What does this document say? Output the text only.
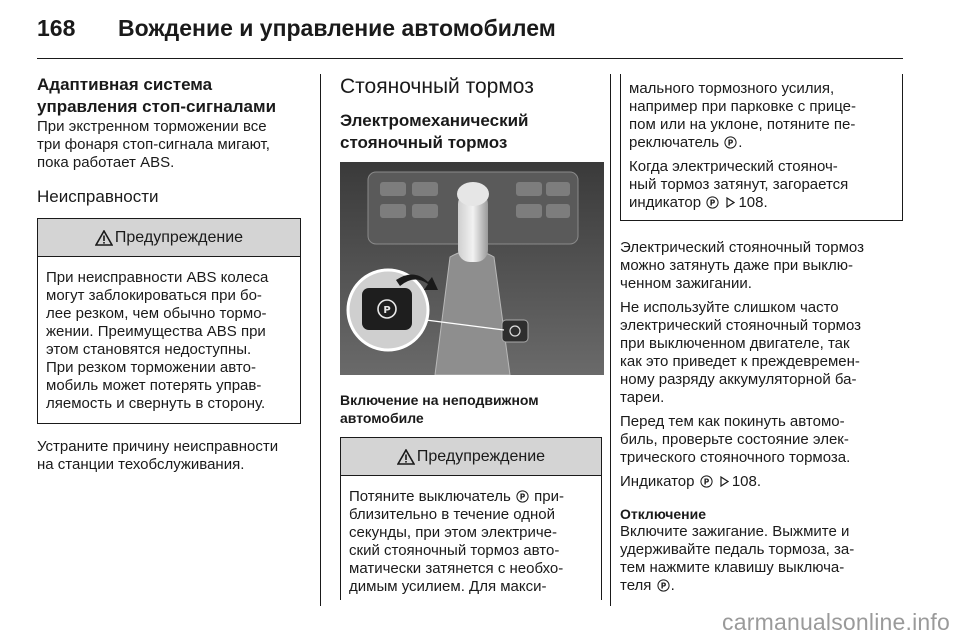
168 Вождение и управление автомобилем
Адаптивная система
управления стоп-сигналами
При экстренном торможении все
три фонаря стоп-сигнала мигают,
пока работает ABS.
Неисправности
Предупреждение
При неисправности ABS колеса
могут заблокироваться при бо-
лее резком, чем обычно тормо-
жении. Преимущества ABS при
этом становятся недоступны.
При резком торможении авто-
мобиль может потерять управ-
ляемость и свернуть в сторону.
Устраните причину неисправности
на станции техобслуживания.
Стояночный тормоз
Электромеханический
стояночный тормоз
P
Включение на неподвижном
автомобиле
Предупреждение
Потяните выключатель P при-
близительно в течение одной
секунды, при этом электриче-
ский стояночный тормоз авто-
матически затянется с необхо-
димым усилием. Для макси-
мального тормозного усилия,
например при парковке с прице-
пом или на уклоне, потяните пе-
реключатель P .
Когда электрический стояноч-
ный тормоз затянут, загорается
индикатор P 108.
Электрический стояночный тормоз
можно затянуть даже при выклю-
ченном зажигании.
Не используйте слишком часто
электрический стояночный тормоз
при выключенном двигателе, так
как это приведет к преждевремен-
ному разряду аккумуляторной ба-
тареи.
Перед тем как покинуть автомо-
биль, проверьте состояние элек-
трического стояночного тормоза.
Индикатор P 108.
Отключение
Включите зажигание. Выжмите и
удерживайте педаль тормоза, за-
тем нажмите клавишу выключа-
теля P .
carmanualsonline.info
